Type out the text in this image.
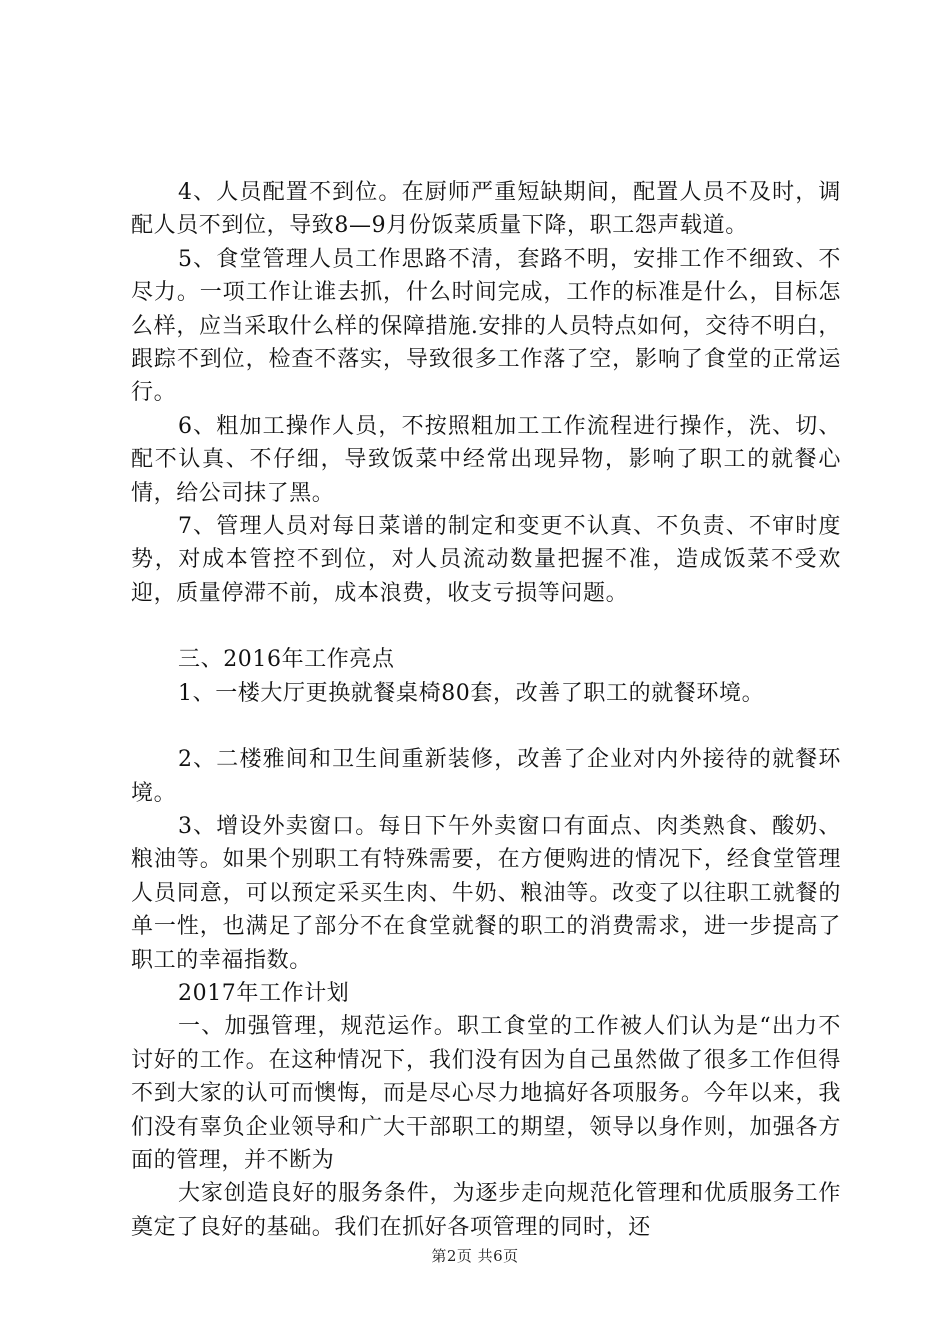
4、人员配置不到位。在厨师严重短缺期间，配置人员不及时，调配人员不到位，导致8—9月份饭菜质量下降，职工怨声载道。

5、食堂管理人员工作思路不清，套路不明，安排工作不细致、不尽力。一项工作让谁去抓，什么时间完成，工作的标准是什么，目标怎么样，应当采取什么样的保障措施.安排的人员特点如何，交待不明白，跟踪不到位，检查不落实，导致很多工作落了空，影响了食堂的正常运行。

6、粗加工操作人员，不按照粗加工工作流程进行操作，洗、切、配不认真、不仔细，导致饭菜中经常出现异物，影响了职工的就餐心情，给公司抹了黑。

7、管理人员对每日菜谱的制定和变更不认真、不负责、不审时度势，对成本管控不到位，对人员流动数量把握不准，造成饭菜不受欢迎，质量停滞不前，成本浪费，收支亏损等问题。

三、2016年工作亮点

1、一楼大厅更换就餐桌椅80套，改善了职工的就餐环境。

2、二楼雅间和卫生间重新装修，改善了企业对内外接待的就餐环境。

3、增设外卖窗口。每日下午外卖窗口有面点、肉类熟食、酸奶、粮油等。如果个别职工有特殊需要，在方便购进的情况下，经食堂管理人员同意，可以预定采买生肉、牛奶、粮油等。改变了以往职工就餐的单一性，也满足了部分不在食堂就餐的职工的消费需求，进一步提高了职工的幸福指数。

2017年工作计划

一、加强管理，规范运作。职工食堂的工作被人们认为是“出力不讨好的工作。在这种情况下，我们没有因为自己虽然做了很多工作但得不到大家的认可而懊悔，而是尽心尽力地搞好各项服务。今年以来，我们没有辜负企业领导和广大干部职工的期望，领导以身作则，加强各方面的管理，并不断为

大家创造良好的服务条件，为逐步走向规范化管理和优质服务工作奠定了良好的基础。我们在抓好各项管理的同时，还

第2页 共6页
